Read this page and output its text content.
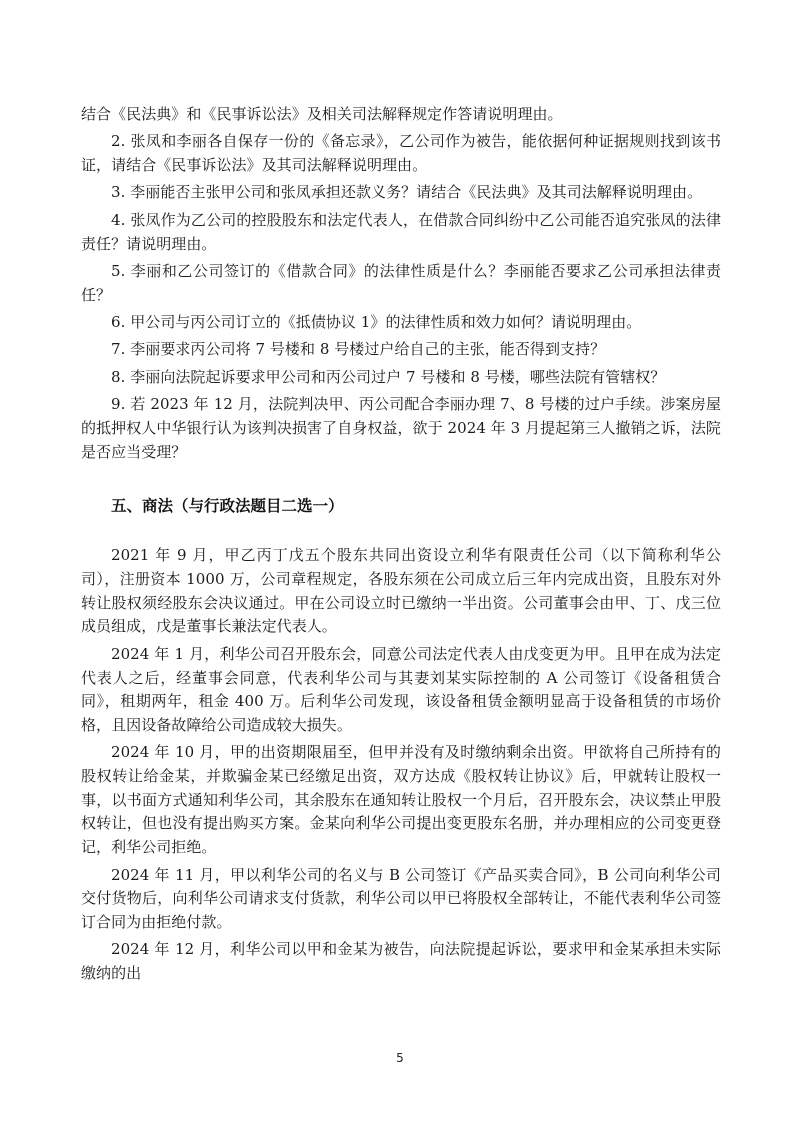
结合《民法典》和《民事诉讼法》及相关司法解释规定作答请说明理由。

2. 张凤和李丽各自保存一份的《备忘录》，乙公司作为被告，能依据何种证据规则找到该书证，请结合《民事诉讼法》及其司法解释说明理由。

3. 李丽能否主张甲公司和张凤承担还款义务？请结合《民法典》及其司法解释说明理由。

4. 张凤作为乙公司的控股股东和法定代表人，在借款合同纠纷中乙公司能否追究张凤的法律责任？请说明理由。

5. 李丽和乙公司签订的《借款合同》的法律性质是什么？李丽能否要求乙公司承担法律责任？

6. 甲公司与丙公司订立的《抵债协议 1》的法律性质和效力如何？请说明理由。

7. 李丽要求丙公司将 7 号楼和 8 号楼过户给自己的主张，能否得到支持？

8. 李丽向法院起诉要求甲公司和丙公司过户 7 号楼和 8 号楼，哪些法院有管辖权？

9. 若 2023 年 12 月，法院判决甲、丙公司配合李丽办理 7、8 号楼的过户手续。涉案房屋的抵押权人中华银行认为该判决损害了自身权益，欲于 2024 年 3 月提起第三人撤销之诉，法院是否应当受理？

五、商法（与行政法题目二选一）

2021 年 9 月，甲乙丙丁戊五个股东共同出资设立利华有限责任公司（以下简称利华公司），注册资本 1000 万，公司章程规定，各股东须在公司成立后三年内完成出资，且股东对外转让股权须经股东会决议通过。甲在公司设立时已缴纳一半出资。公司董事会由甲、丁、戊三位成员组成，戊是董事长兼法定代表人。

2024 年 1 月，利华公司召开股东会，同意公司法定代表人由戊变更为甲。且甲在成为法定代表人之后，经董事会同意，代表利华公司与其妻刘某实际控制的 A 公司签订《设备租赁合同》，租期两年，租金 400 万。后利华公司发现，该设备租赁金额明显高于设备租赁的市场价格，且因设备故障给公司造成较大损失。

2024 年 10 月，甲的出资期限届至，但甲并没有及时缴纳剩余出资。甲欲将自己所持有的股权转让给金某，并欺骗金某已经缴足出资，双方达成《股权转让协议》后，甲就转让股权一事，以书面方式通知利华公司，其余股东在通知转让股权一个月后，召开股东会，决议禁止甲股权转让，但也没有提出购买方案。金某向利华公司提出变更股东名册，并办理相应的公司变更登记，利华公司拒绝。

2024 年 11 月，甲以利华公司的名义与 B 公司签订《产品买卖合同》，B 公司向利华公司交付货物后，向利华公司请求支付货款，利华公司以甲已将股权全部转让，不能代表利华公司签订合同为由拒绝付款。

2024 年 12 月，利华公司以甲和金某为被告，向法院提起诉讼，要求甲和金某承担未实际缴纳的出

5
